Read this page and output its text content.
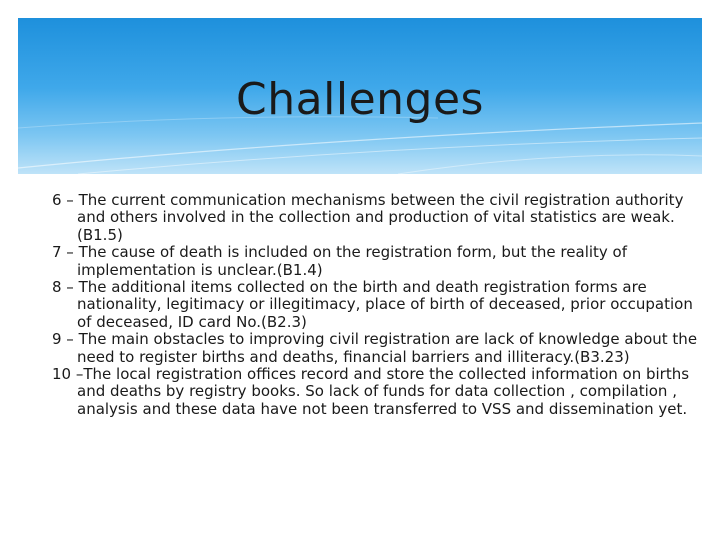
Challenges
6 – The current communication mechanisms between the civil registration authority and others involved in the collection and production of vital statistics are weak. (B1.5)
7 – The cause of death is included on the registration form, but the reality of implementation is unclear.(B1.4)
8 – The additional items collected on the birth and death registration forms are nationality, legitimacy or illegitimacy, place of birth of deceased, prior occupation of deceased, ID card No.(B2.3)
9 – The main obstacles to improving civil registration are lack of knowledge about the need to register births and deaths, financial barriers and illiteracy.(B3.23)
10 –The local registration offices record and store the collected information on births and deaths by registry books. So lack of funds for data collection , compilation , analysis and these data have not been transferred to VSS and dissemination yet.
